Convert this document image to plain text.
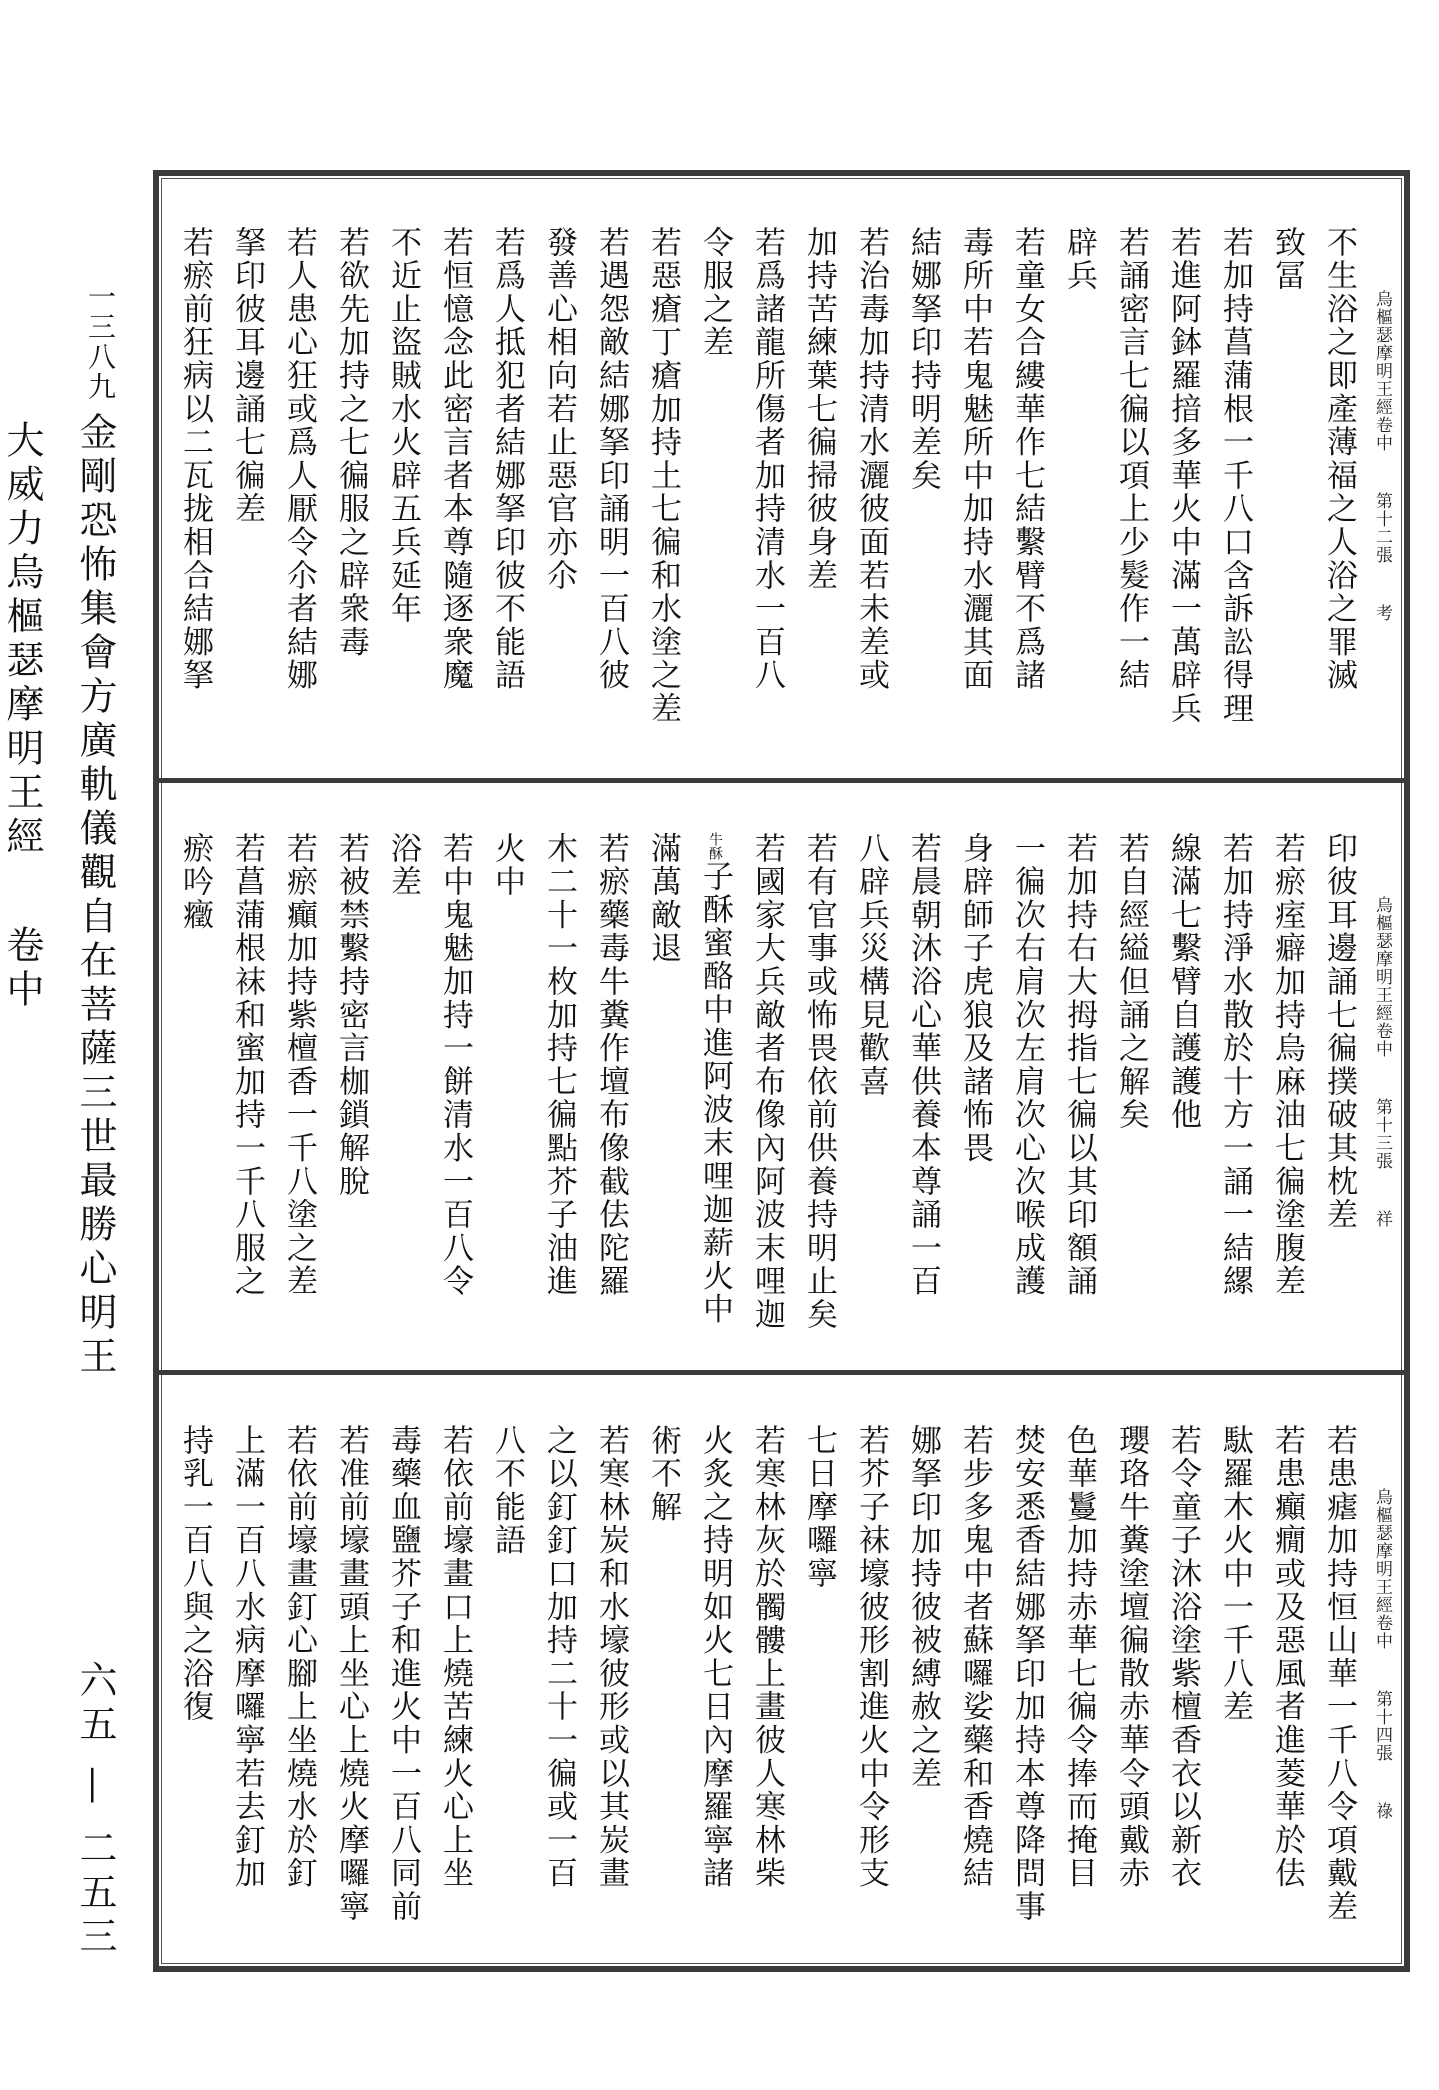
一三八九
金剛恐怖集會方廣軌儀觀自在菩薩三世最勝心明王
大威力烏樞瑟摩明王經
卷中
六五 — 二五三
烏樞瑟摩明王經卷中第十二張考
不生浴之即產薄福之人浴之罪滅
致冨
若加持菖蒲根一千八口含訴訟得理
若進阿鉢羅揞多華火中滿一萬辟兵
若誦密言七徧以項上少髮作一結
辟兵
若童女合縷華作七結繫臂不爲諸
毒所中若鬼魅所中加持水灑其面
結娜拏印持明差矣
若治毒加持清水灑彼面若未差或
加持苦練葉七徧掃彼身差
若爲諸龍所傷者加持清水一百八
令服之差
若惡瘡丁瘡加持土七徧和水塗之差
若遇怨敵結娜拏印誦明一百八彼
發善心相向若止惡官亦尒
若爲人抵犯者結娜拏印彼不能語
若恒憶念此密言者本尊隨逐衆魔
不近止盜賊水火辟五兵延年
若欲先加持之七徧服之辟衆毒
若人患心狂或爲人厭令尒者結娜
拏印彼耳邊誦七徧差
若瘀前狂病以二瓦拢相合結娜拏
烏樞瑟摩明王經卷中第十三張祥
印彼耳邊誦七徧撲破其枕差
若瘀痓癖加持烏麻油七徧塗腹差
若加持淨水散於十方一誦一結縲
線滿七繫臂自護護他
若自經縊但誦之解矣
若加持右大拇指七徧以其印額誦
一徧次右肩次左肩次心次喉成護
身辟師子虎狼及諸怖畏
若晨朝沐浴心華供養本尊誦一百
八辟兵災構見歡喜
若有官事或怖畏依前供養持明止矣
若國家大兵敵者布像內阿波末哩迦
牛酥子酥蜜酪中進阿波末哩迦薪火中
滿萬敵退
若瘀藥毒牛糞作壇布像截佉陀羅
木二十一枚加持七徧點芥子油進
火中
若中鬼魅加持一餅清水一百八令
浴差
若被禁繫持密言枷鎖解脫
若瘀癲加持紫檀香一千八塗之差
若菖蒲根袜和蜜加持一千八服之
瘀吟癥
烏樞瑟摩明王經卷中第十四張祿
若患瘧加持恒山華一千八令項戴差
若患癲癇或及惡風者進菱華於佉
駄羅木火中一千八差
若令童子沐浴塗紫檀香衣以新衣
瓔珞牛糞塗壇徧散赤華令頭戴赤
色華鬘加持赤華七徧令捧而掩目
焚安悉香結娜拏印加持本尊降問事
若步多鬼中者蘇囉娑藥和香燒結
娜拏印加持彼被縛赦之差
若芥子袜壕彼形割進火中令形支
七日摩囉寧
若寒林灰於髑髏上畫彼人寒林柴
火炙之持明如火七日內摩羅寧諸
術不解
若寒林炭和水壕彼形或以其炭畫
之以釘釘口加持二十一徧或一百
八不能語
若依前壕畫口上燒苦練火心上坐
毒藥血鹽芥子和進火中一百八同前
若准前壕畫頭上坐心上燒火摩囉寧
若依前壕畫釘心腳上坐燒水於釘
上滿一百八水病摩囉寧若去釘加
持乳一百八與之浴復
